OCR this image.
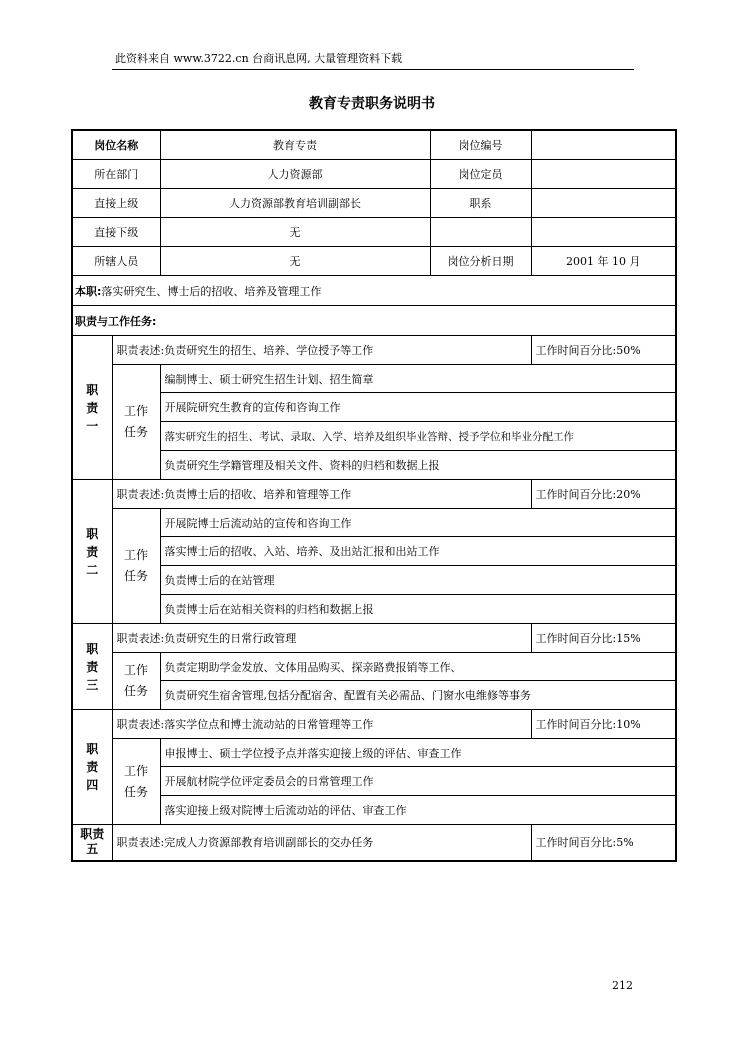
此资料来自 www.3722.cn 台商讯息网, 大量管理资料下载
教育专责职务说明书
岗位名称		教育专责	岗位编号	
所在部门		人力资源部	岗位定员	
直接上级		人力资源部教育培训副部长	职系	
直接下级		无		
所辖人员		无	岗位分析日期	2001 年 10 月
本职:落实研究生、博士后的招收、培养及管理工作				
职责与工作任务:				
职责一	职责表述:负责研究生的招生、培养、学位授予等工作			工作时间百分比:50%
	工作任务	编制博士、硕士研究生招生计划、招生简章		
		开展院研究生教育的宣传和咨询工作		
		落实研究生的招生、考试、录取、入学、培养及组织毕业答辩、授予学位和毕业分配工作		
		负责研究生学籍管理及相关文件、资料的归档和数据上报		
职责二	职责表述:负责博士后的招收、培养和管理等工作			工作时间百分比:20%
	工作任务	开展院博士后流动站的宣传和咨询工作		
		落实博士后的招收、入站、培养、及出站汇报和出站工作		
		负责博士后的在站管理		
		负责博士后在站相关资料的归档和数据上报		
职责三	职责表述:负责研究生的日常行政管理			工作时间百分比:15%
	工作任务	负责定期助学金发放、文体用品购买、探亲路费报销等工作、		
		负责研究生宿舍管理,包括分配宿舍、配置有关必需品、门窗水电维修等事务		
职责四	职责表述:落实学位点和博士流动站的日常管理等工作			工作时间百分比:10%
	工作任务	申报博士、硕士学位授予点并落实迎接上级的评估、审查工作		
		开展航材院学位评定委员会的日常管理工作		
		落实迎接上级对院博士后流动站的评估、审查工作		
职责五	职责表述:完成人力资源部教育培训副部长的交办任务			工作时间百分比:5%
212
